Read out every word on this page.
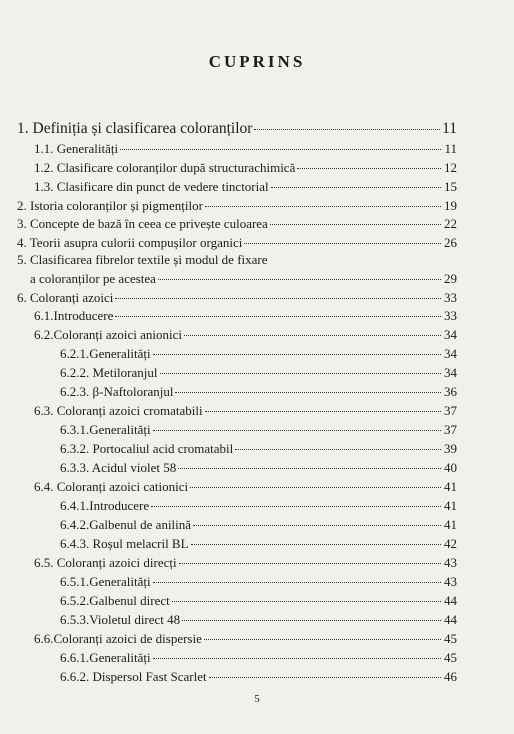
CUPRINS
1. Definiția și clasificarea coloranților	11
1.1. Generalități	11
1.2. Clasificare coloranților după structurachimică	12
1.3. Clasificare din punct de vedere tinctorial	15
2. Istoria coloranților și pigmenților	19
3. Concepte de bază în ceea ce privește culoarea	22
4. Teorii asupra culorii compușilor organici	26
5. Clasificarea fibrelor textile și modul de fixare
a coloranților pe acestea	29
6. Coloranți azoici	33
6.1.Introducere	33
6.2.Coloranți azoici anionici	34
6.2.1.Generalități	34
6.2.2. Metiloranjul	34
6.2.3. β-Naftoloranjul	36
6.3. Coloranți azoici cromatabili	37
6.3.1.Generalități	37
6.3.2. Portocaliul acid cromatabil	39
6.3.3. Acidul violet 58	40
6.4. Coloranți azoici cationici	41
6.4.1.Introducere	41
6.4.2.Galbenul de anilină	41
6.4.3. Roșul melacril BL	42
6.5. Coloranți azoici direcți	43
6.5.1.Generalități	43
6.5.2.Galbenul direct	44
6.5.3.Violetul direct 48	44
6.6.Coloranți azoici de dispersie	45
6.6.1.Generalități	45
6.6.2. Dispersol Fast Scarlet	46
5
